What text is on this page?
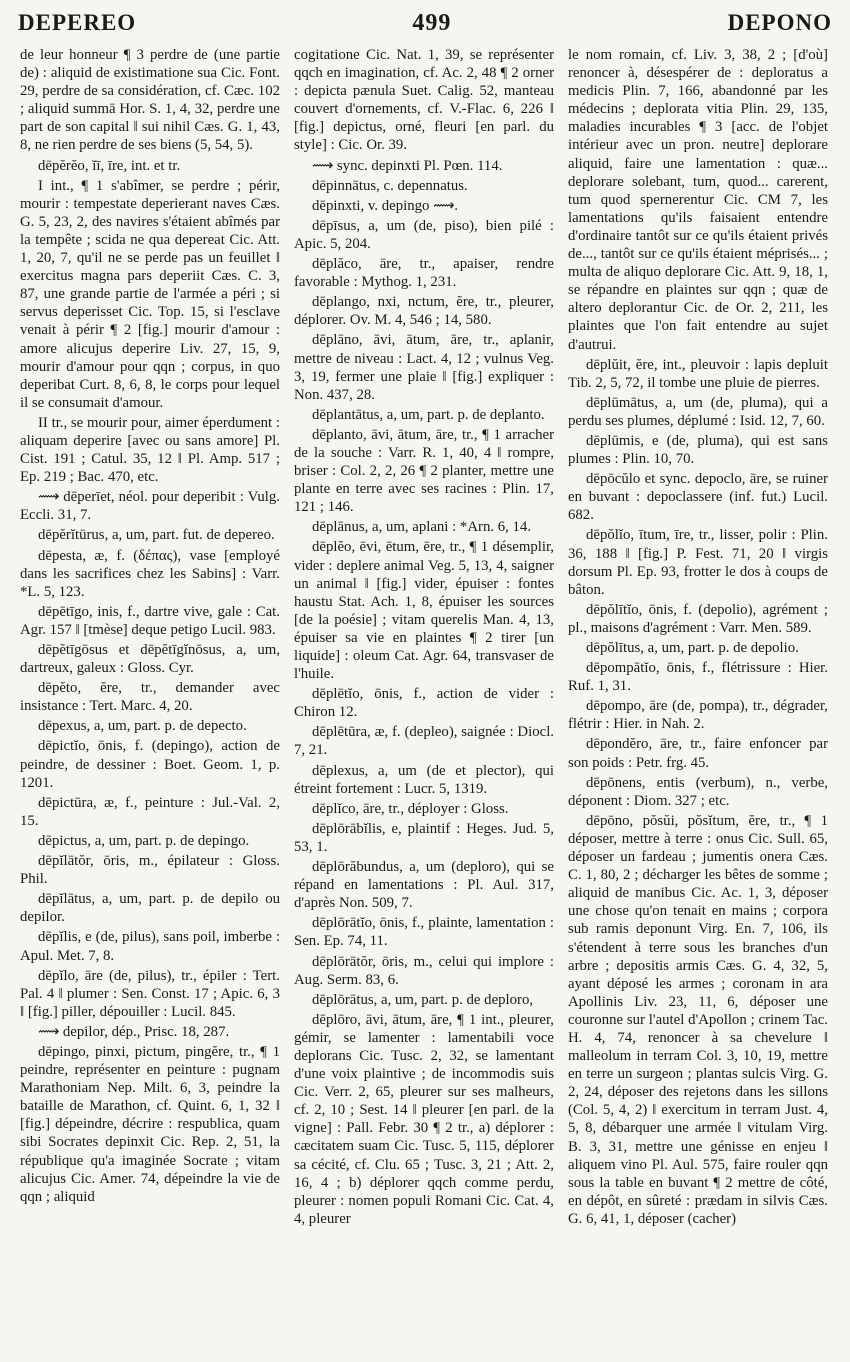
DEPEREO	499	DEPONO

de leur honneur ¶ 3 perdre de (une partie de) : aliquid de existimatione sua Cic. Font. 29, perdre de sa considération, cf. Cæc. 102 ; aliquid summā Hor. S. 1, 4, 32, perdre une part de son capital ‖ sui nihil Cæs. G. 1, 43, 8, ne rien perdre de ses biens (5, 54, 5).

dēpĕrĕo, ĭī, īre, int. et tr.

I int., ¶ 1 s'abîmer, se perdre ; périr, mourir : tempestate deperierant naves Cæs. G. 5, 23, 2, des navires s'étaient abîmés par la tempête ; scida ne qua depereat Cic. Att. 1, 20, 7, qu'il ne se perde pas un feuillet ‖ exercitus magna pars deperiit Cæs. C. 3, 87, une grande partie de l'armée a péri ; si servus deperisset Cic. Top. 15, si l'esclave venait à périr ¶ 2 [fig.] mourir d'amour : amore alicujus deperire Liv. 27, 15, 9, mourir d'amour pour qqn ; corpus, in quo deperibat Curt. 8, 6, 8, le corps pour lequel il se consumait d'amour.

II tr., se mourir pour, aimer éperdument : aliquam deperire [avec ou sans amore] Pl. Cist. 191 ; Catul. 35, 12 ‖ Pl. Amp. 517 ; Ep. 219 ; Bac. 470, etc.

⟿ dēperīet, néol. pour deperibit : Vulg. Eccli. 31, 7.

dēpĕrĭtūrus, a, um, part. fut. de depereo.

dēpesta, æ, f. (δέπας), vase [employé dans les sacrifices chez les Sabins] : Varr. *L. 5, 123.

dēpētīgo, inis, f., dartre vive, gale : Cat. Agr. 157 ‖ [tmèse] deque petigo Lucil. 983.

dēpĕtīgōsus et dēpĕtīgĭnōsus, a, um, dartreux, galeux : Gloss. Cyr.

dēpĕto, ĕre, tr., demander avec insistance : Tert. Marc. 4, 20.

dēpexus, a, um, part. p. de depecto.

dēpictĭo, ōnis, f. (depingo), action de peindre, de dessiner : Boet. Geom. 1, p. 1201.

dēpictūra, æ, f., peinture : Jul.-Val. 2, 15.

dēpictus, a, um, part. p. de depingo.

dēpĭlātŏr, ōris, m., épilateur : Gloss. Phil.

dēpĭlātus, a, um, part. p. de depilo ou depilor.

dēpĭlis, e (de, pilus), sans poil, imberbe : Apul. Met. 7, 8.

dēpĭlo, āre (de, pilus), tr., épiler : Tert. Pal. 4 ‖ plumer : Sen. Const. 17 ; Apic. 6, 3 ‖ [fig.] piller, dépouiller : Lucil. 845.

⟿ depilor, dép., Prisc. 18, 287.

dēpingo, pinxi, pictum, pingĕre, tr., ¶ 1 peindre, représenter en peinture : pugnam Marathoniam Nep. Milt. 6, 3, peindre la bataille de Marathon, cf. Quint. 6, 1, 32 ‖ [fig.] dépeindre, décrire : respublica, quam sibi Socrates depinxit Cic. Rep. 2, 51, la république qu'a imaginée Socrate ; vitam alicujus Cic. Amer. 74, dépeindre la vie de qqn ; aliquid

cogitatione Cic. Nat. 1, 39, se représenter qqch en imagination, cf. Ac. 2, 48 ¶ 2 orner : depicta pænula Suet. Calig. 52, manteau couvert d'ornements, cf. V.-Flac. 6, 226 ‖ [fig.] depictus, orné, fleuri [en parl. du style] : Cic. Or. 39.

⟿ sync. depinxti Pl. Pœn. 114.

dēpinnātus, c. depennatus.

dēpinxti, v. depingo ⟿.

dēpīsus, a, um (de, piso), bien pilé : Apic. 5, 204.

dēplăco, āre, tr., apaiser, rendre favorable : Mythog. 1, 231.

dēplango, nxi, nctum, ĕre, tr., pleurer, déplorer. Ov. M. 4, 546 ; 14, 580.

dēplāno, āvi, ātum, āre, tr., aplanir, mettre de niveau : Lact. 4, 12 ; vulnus Veg. 3, 19, fermer une plaie ‖ [fig.] expliquer : Non. 437, 28.

dēplantātus, a, um, part. p. de deplanto.

dēplanto, āvi, ātum, āre, tr., ¶ 1 arracher de la souche : Varr. R. 1, 40, 4 ‖ rompre, briser : Col. 2, 2, 26 ¶ 2 planter, mettre une plante en terre avec ses racines : Plin. 17, 121 ; 146.

dēplānus, a, um, aplani : *Arn. 6, 14.

dēplĕo, ēvi, ētum, ēre, tr., ¶ 1 désemplir, vider : deplere animal Veg. 5, 13, 4, saigner un animal ‖ [fig.] vider, épuiser : fontes haustu Stat. Ach. 1, 8, épuiser les sources [de la poésie] ; vitam querelis Man. 4, 13, épuiser sa vie en plaintes ¶ 2 tirer [un liquide] : oleum Cat. Agr. 64, transvaser de l'huile.

dēplētĭo, ōnis, f., action de vider : Chiron 12.

dēplētūra, æ, f. (depleo), saignée : Diocl. 7, 21.

dēplexus, a, um (de et plector), qui étreint fortement : Lucr. 5, 1319.

dēplĭco, āre, tr., déployer : Gloss.

dēplōrābĭlis, e, plaintif : Heges. Jud. 5, 53, 1.

dēplōrăbundus, a, um (deploro), qui se répand en lamentations : Pl. Aul. 317, d'après Non. 509, 7.

dēplōrātĭo, ōnis, f., plainte, lamentation : Sen. Ep. 74, 11.

dēplōrātŏr, ōris, m., celui qui implore : Aug. Serm. 83, 6.

dēplōrātus, a, um, part. p. de deploro,

dēplōro, āvi, ātum, āre, ¶ 1 int., pleurer, gémir, se lamenter : lamentabili voce deplorans Cic. Tusc. 2, 32, se lamentant d'une voix plaintive ; de incommodis suis Cic. Verr. 2, 65, pleurer sur ses malheurs, cf. 2, 10 ; Sest. 14 ‖ pleurer [en parl. de la vigne] : Pall. Febr. 30 ¶ 2 tr., a) déplorer : cæcitatem suam Cic. Tusc. 5, 115, déplorer sa cécité, cf. Clu. 65 ; Tusc. 3, 21 ; Att. 2, 16, 4 ; b) déplorer qqch comme perdu, pleurer : nomen populi Romani Cic. Cat. 4, 4, pleurer

le nom romain, cf. Liv. 3, 38, 2 ; [d'où] renoncer à, désespérer de : deploratus a medicis Plin. 7, 166, abandonné par les médecins ; deplorata vitia Plin. 29, 135, maladies incurables ¶ 3 [acc. de l'objet intérieur avec un pron. neutre] deplorare aliquid, faire une lamentation : quæ... deplorare solebant, tum, quod... carerent, tum quod spernerentur Cic. CM 7, les lamentations qu'ils faisaient entendre d'ordinaire tantôt sur ce qu'ils étaient privés de..., tantôt sur ce qu'ils étaient méprisés... ; multa de aliquo deplorare Cic. Att. 9, 18, 1, se répandre en plaintes sur qqn ; quæ de altero deplorantur Cic. de Or. 2, 211, les plaintes que l'on fait entendre au sujet d'autrui.

dēplŭit, ĕre, int., pleuvoir : lapis depluit Tib. 2, 5, 72, il tombe une pluie de pierres.

dēplūmātus, a, um (de, pluma), qui a perdu ses plumes, déplumé : Isid. 12, 7, 60.

dēplūmis, e (de, pluma), qui est sans plumes : Plin. 10, 70.

dēpōcŭlo et sync. depoclo, āre, se ruiner en buvant : depoclassere (inf. fut.) Lucil. 682.

dēpŏlĭo, ītum, īre, tr., lisser, polir : Plin. 36, 188 ‖ [fig.] P. Fest. 71, 20 ‖ virgis dorsum Pl. Ep. 93, frotter le dos à coups de bâton.

dēpŏlītĭo, ōnis, f. (depolio), agrément ; pl., maisons d'agrément : Varr. Men. 589.

dēpŏlītus, a, um, part. p. de depolio.

dēpompātĭo, ōnis, f., flétrissure : Hier. Ruf. 1, 31.

dēpompo, āre (de, pompa), tr., dégrader, flétrir : Hier. in Nah. 2.

dēpondĕro, āre, tr., faire enfoncer par son poids : Petr. frg. 45.

dēpōnens, entis (verbum), n., verbe, déponent : Diom. 327 ; etc.

dēpōno, pŏsŭi, pŏsĭtum, ĕre, tr., ¶ 1 déposer, mettre à terre : onus Cic. Sull. 65, déposer un fardeau ; jumentis onera Cæs. C. 1, 80, 2 ; décharger les bêtes de somme ; aliquid de manibus Cic. Ac. 1, 3, déposer une chose qu'on tenait en mains ; corpora sub ramis deponunt Virg. En. 7, 106, ils s'étendent à terre sous les branches d'un arbre ; depositis armis Cæs. G. 4, 32, 5, ayant déposé les armes ; coronam in ara Apollinis Liv. 23, 11, 6, déposer une couronne sur l'autel d'Apollon ; crinem Tac. H. 4, 74, renoncer à sa chevelure ‖ malleolum in terram Col. 3, 10, 19, mettre en terre un surgeon ; plantas sulcis Virg. G. 2, 24, déposer des rejetons dans les sillons (Col. 5, 4, 2) ‖ exercitum in terram Just. 4, 5, 8, débarquer une armée ‖ vitulam Virg. B. 3, 31, mettre une génisse en enjeu ‖ aliquem vino Pl. Aul. 575, faire rouler qqn sous la table en buvant ¶ 2 mettre de côté, en dépôt, en sûreté : prædam in silvis Cæs. G. 6, 41, 1, déposer (cacher)
